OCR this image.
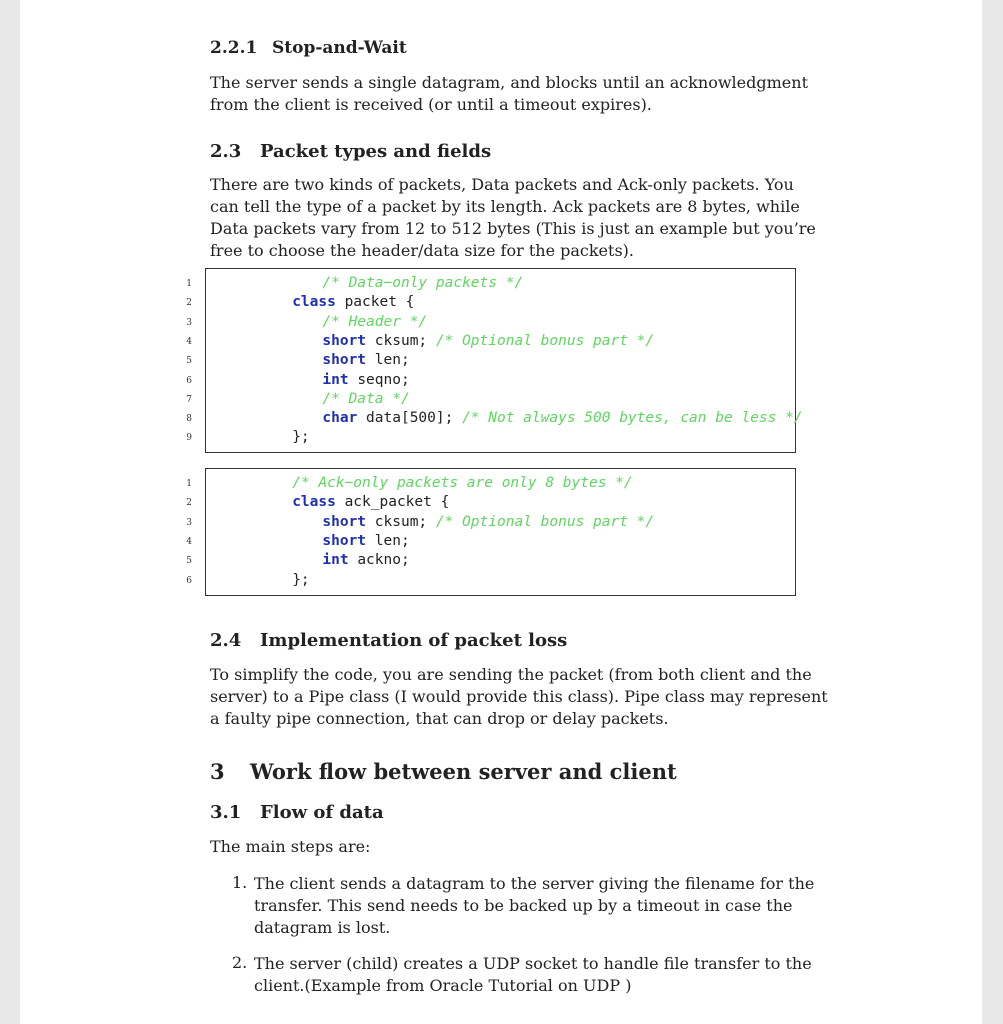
2.2.1 Stop-and-Wait
The server sends a single datagram, and blocks until an acknowledgment
from the client is received (or until a timeout expires).
2.3 Packet types and fields
There are two kinds of packets, Data packets and Ack-only packets. You
can tell the type of a packet by its length. Ack packets are 8 bytes, while
Data packets vary from 12 to 512 bytes (This is just an example but you’re
free to choose the header/data size for the packets).
1
2
3
4
5
6
7
8
9
/* Data−only packets */
class packet {
/* Header */
short cksum; /* Optional bonus part */
short len;
int seqno;
/* Data */
char data[500]; /* Not always 500 bytes, can be less */
};
1
2
3
4
5
6
/* Ack−only packets are only 8 bytes */
class ack_packet {
short cksum; /* Optional bonus part */
short len;
int ackno;
};
2.4 Implementation of packet loss
To simplify the code, you are sending the packet (from both client and the
server) to a Pipe class (I would provide this class). Pipe class may represent
a faulty pipe connection, that can drop or delay packets.
3 Work flow between server and client
3.1 Flow of data
The main steps are:
1. The client sends a datagram to the server giving the filename for the
transfer. This send needs to be backed up by a timeout in case the
datagram is lost.
2. The server (child) creates a UDP socket to handle file transfer to the
client.(Example from Oracle Tutorial on UDP )
